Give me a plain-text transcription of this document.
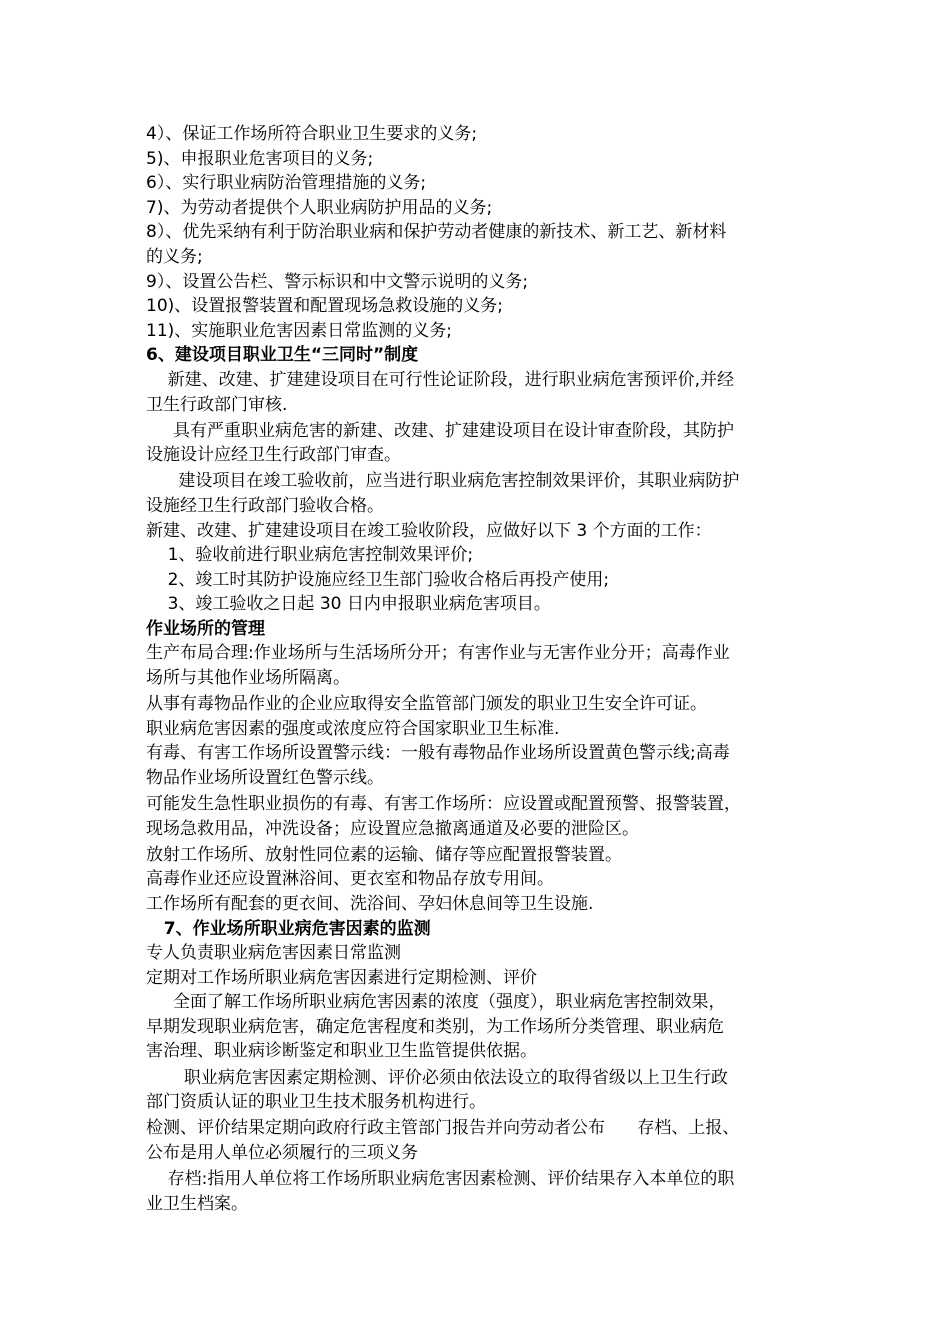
4）、保证工作场所符合职业卫生要求的义务;
5)、申报职业危害项目的义务;
6）、实行职业病防治管理措施的义务;
7)、为劳动者提供个人职业病防护用品的义务;
8）、优先采纳有利于防治职业病和保护劳动者健康的新技术、新工艺、新材料
的义务;
9）、设置公告栏、警示标识和中文警示说明的义务;
10)、设置报警装置和配置现场急救设施的义务;
11)、实施职业危害因素日常监测的义务;
6、建设项目职业卫生“三同时”制度
新建、改建、扩建建设项目在可行性论证阶段，进行职业病危害预评价,并经
卫生行政部门审核.
具有严重职业病危害的新建、改建、扩建建设项目在设计审查阶段，其防护
设施设计应经卫生行政部门审查。
建设项目在竣工验收前，应当进行职业病危害控制效果评价，其职业病防护
设施经卫生行政部门验收合格。
新建、改建、扩建建设项目在竣工验收阶段，应做好以下 3 个方面的工作：
1、验收前进行职业病危害控制效果评价;
2、竣工时其防护设施应经卫生部门验收合格后再投产使用;
3、竣工验收之日起 30 日内申报职业病危害项目。
作业场所的管理
生产布局合理:作业场所与生活场所分开；有害作业与无害作业分开；高毒作业
场所与其他作业场所隔离。
从事有毒物品作业的企业应取得安全监管部门颁发的职业卫生安全许可证。
职业病危害因素的强度或浓度应符合国家职业卫生标准.
有毒、有害工作场所设置警示线：一般有毒物品作业场所设置黄色警示线;高毒
物品作业场所设置红色警示线。
可能发生急性职业损伤的有毒、有害工作场所：应设置或配置预警、报警装置，
现场急救用品，冲洗设备；应设置应急撤离通道及必要的泄险区。
放射工作场所、放射性同位素的运输、储存等应配置报警装置。
高毒作业还应设置淋浴间、更衣室和物品存放专用间。
工作场所有配套的更衣间、洗浴间、孕妇休息间等卫生设施.
7、作业场所职业病危害因素的监测
专人负责职业病危害因素日常监测
定期对工作场所职业病危害因素进行定期检测、评价
全面了解工作场所职业病危害因素的浓度（强度），职业病危害控制效果，
早期发现职业病危害，确定危害程度和类别，为工作场所分类管理、职业病危
害治理、职业病诊断鉴定和职业卫生监管提供依据。
职业病危害因素定期检测、评价必须由依法设立的取得省级以上卫生行政
部门资质认证的职业卫生技术服务机构进行。
检测、评价结果定期向政府行政主管部门报告并向劳动者公布      存档、上报、
公布是用人单位必须履行的三项义务
存档:指用人单位将工作场所职业病危害因素检测、评价结果存入本单位的职
业卫生档案。
